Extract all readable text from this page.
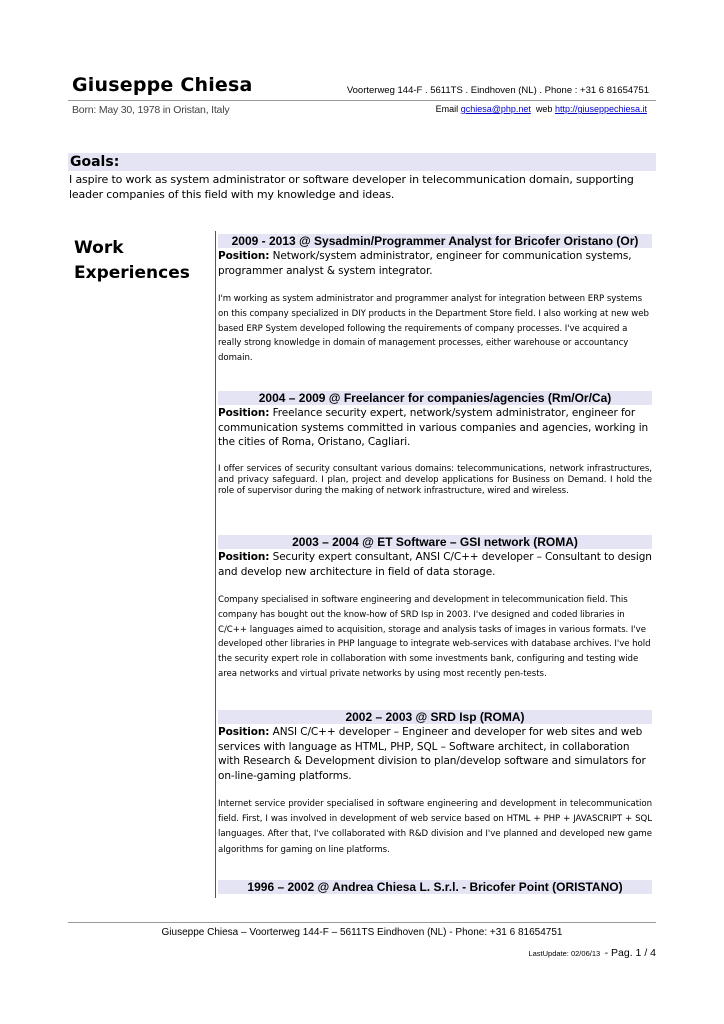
Giuseppe Chiesa	Voorterweg 144-F . 5611TS . Eindhoven (NL) . Phone : +31 6 81654751
Born: May 30, 1978 in Oristan, Italy	Email gchiesa@php.net web http://giuseppechiesa.it
Goals:
I aspire to work as system administrator or software developer in telecommunication domain, supporting leader companies of this field with my knowledge and ideas.
Work
Experiences
2009 - 2013 @ Sysadmin/Programmer Analyst for Bricofer Oristano (Or)
Position: Network/system administrator, engineer for communication systems, programmer analyst & system integrator.
I'm working as system administrator and programmer analyst for integration between ERP systems on this company specialized in DIY products in the Department Store field. I also working at new web based ERP System developed following the requirements of company processes. I've acquired a really strong knowledge in domain of management processes, either warehouse or accountancy domain.
2004 – 2009 @ Freelancer for companies/agencies (Rm/Or/Ca)
Position: Freelance security expert, network/system administrator, engineer for communication systems committed in various companies and agencies, working in the cities of Roma, Oristano, Cagliari.
I offer services of security consultant various domains: telecommunications, network infrastructures, and privacy safeguard. I plan, project and develop applications for Business on Demand. I hold the role of supervisor during the making of network infrastructure, wired and wireless.
2003 – 2004 @ ET Software – GSI network (ROMA)
Position: Security expert consultant, ANSI C/C++ developer – Consultant to design and develop new architecture in field of data storage.
Company specialised in software engineering and development in telecommunication field. This company has bought out the know-how of SRD Isp in 2003. I've designed and coded libraries in C/C++ languages aimed to acquisition, storage and analysis tasks of images in various formats. I've developed other libraries in PHP language to integrate web-services with database archives. I've hold the security expert role in collaboration with some investments bank, configuring and testing wide area networks and virtual private networks by using most recently pen-tests.
2002 – 2003 @ SRD Isp (ROMA)
Position: ANSI C/C++ developer – Engineer and developer for web sites and web services with language as HTML, PHP, SQL – Software architect, in collaboration with Research & Development division to plan/develop software and simulators for on-line-gaming platforms.
Internet service provider specialised in software engineering and development in telecommunication field. First, I was involved in development of web service based on HTML + PHP + JAVASCRIPT + SQL languages. After that, I've collaborated with R&D division and I've planned and developed new game algorithms for gaming on line platforms.
1996 – 2002 @ Andrea Chiesa L. S.r.l. - Bricofer Point (ORISTANO)
Giuseppe Chiesa – Voorterweg 144-F – 5611TS Eindhoven (NL) - Phone: +31 6 81654751
LastUpdate: 02/06/13 - Pag. 1 / 4
